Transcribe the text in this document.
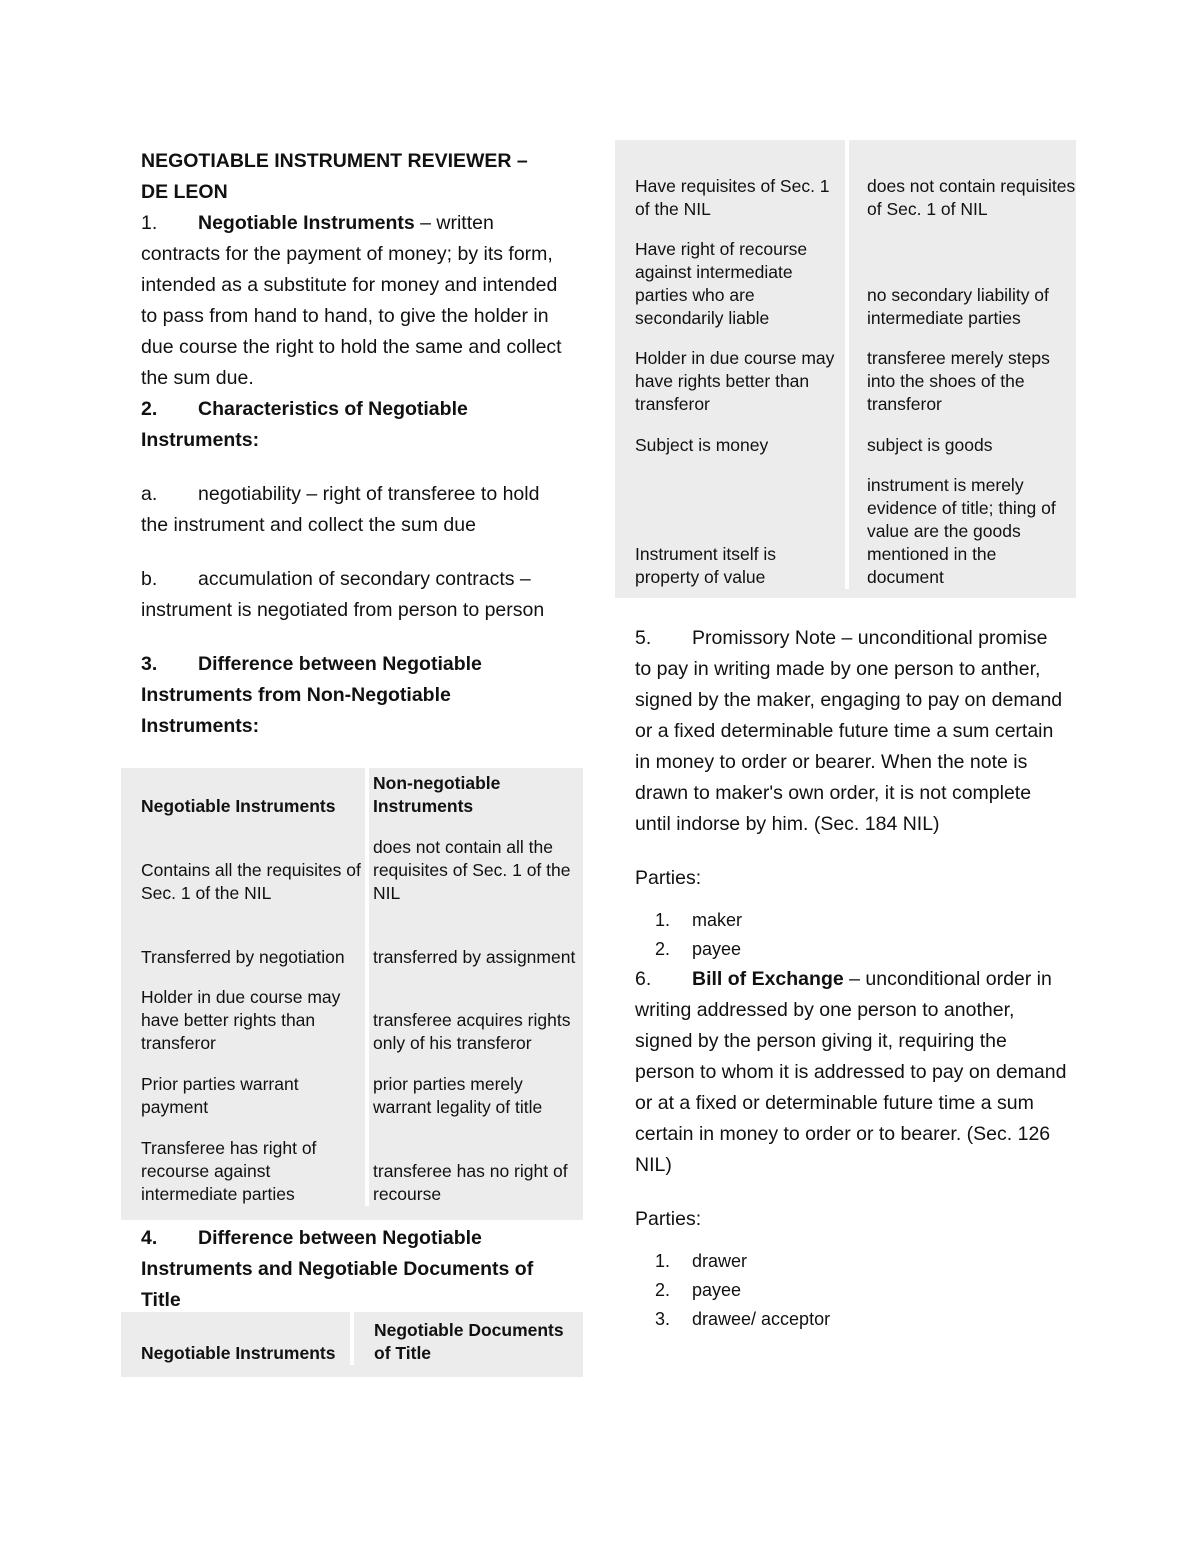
NEGOTIABLE INSTRUMENT REVIEWER –
DE LEON

1. Negotiable Instruments – written contracts for the payment of money; by its form, intended as a substitute for money and intended to pass from hand to hand, to give the holder in due course the right to hold the same and collect the sum due.

2. Characteristics of Negotiable Instruments:

a. negotiability – right of transferee to hold the instrument and collect the sum due

b. accumulation of secondary contracts – instrument is negotiated from person to person

3. Difference between Negotiable Instruments from Non-Negotiable Instruments:

Negotiable Instruments	Non-negotiable Instruments
Contains all the requisites of Sec. 1 of the NIL	does not contain all the requisites of Sec. 1 of the NIL
Transferred by negotiation	transferred by assignment
Holder in due course may have better rights than transferor	transferee acquires rights only of his transferor
Prior parties warrant payment	prior parties merely warrant legality of title
Transferee has right of recourse against intermediate parties	transferee has no right of recourse

4. Difference between Negotiable Instruments and Negotiable Documents of Title

Negotiable Instruments	Negotiable Documents of Title
Have requisites of Sec. 1 of the NIL	does not contain requisites of Sec. 1 of NIL
Have right of recourse against intermediate parties who are secondarily liable	no secondary liability of intermediate parties
Holder in due course may have rights better than transferor	transferee merely steps into the shoes of the transferor
Subject is money	subject is goods
Instrument itself is property of value	instrument is merely evidence of title; thing of value are the goods mentioned in the document

5. Promissory Note – unconditional promise to pay in writing made by one person to anther, signed by the maker, engaging to pay on demand or a fixed determinable future time a sum certain in money to order or bearer. When the note is drawn to maker's own order, it is not complete until indorse by him. (Sec. 184 NIL)

Parties:

1. maker
2. payee

6. Bill of Exchange – unconditional order in writing addressed by one person to another, signed by the person giving it, requiring the person to whom it is addressed to pay on demand or at a fixed or determinable future time a sum certain in money to order or to bearer. (Sec. 126 NIL)

Parties:

1. drawer
2. payee
3. drawee/ acceptor
